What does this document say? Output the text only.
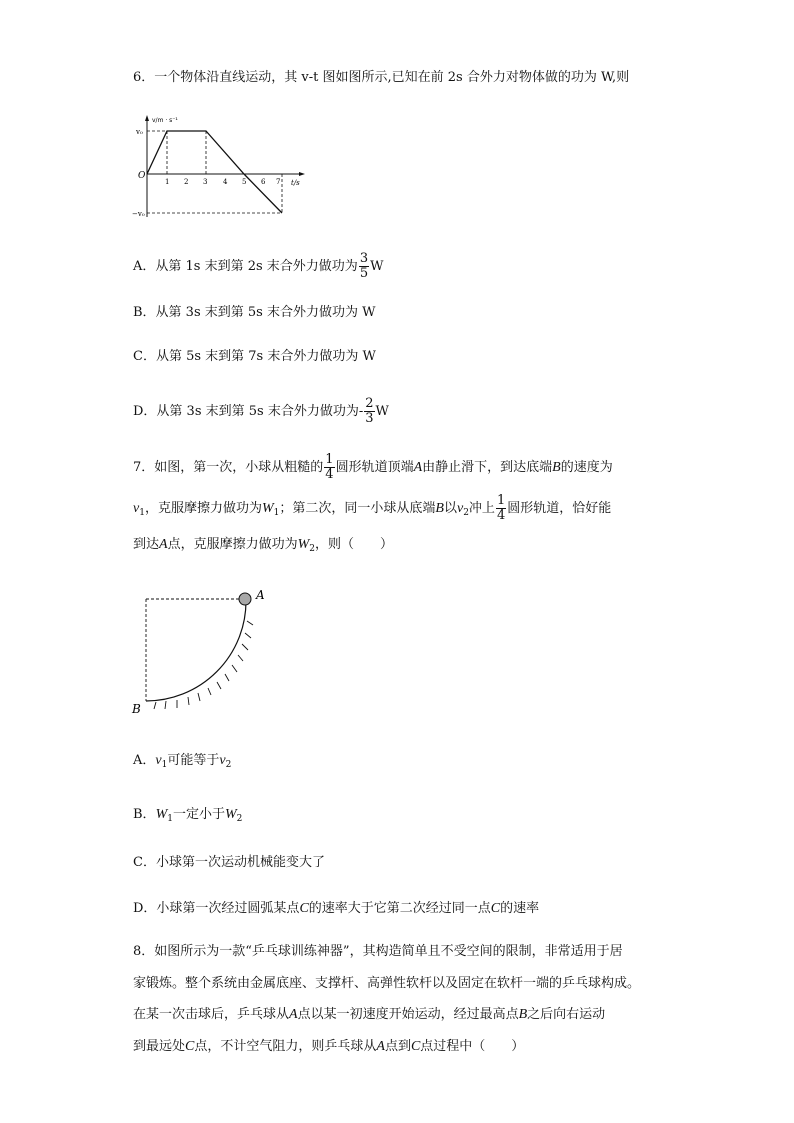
6．一个物体沿直线运动，其 v-t 图如图所示,已知在前 2s 合外力对物体做的功为 W,则
v/m · s⁻¹
v₀
O
−v₀
t/s
1 2 3 4 5 6 7
A．从第 1s 末到第 2s 末合外力做功为 $\frac{3}{5}$ W
B．从第 3s 末到第 5s 末合外力做功为 W
C．从第 5s 末到第 7s 末合外力做功为 W
D．从第 3s 末到第 5s 末合外力做功为- $\frac{2}{3}$ W
7．如图，第一次，小球从粗糙的 $\frac{1}{4}$ 圆形轨道顶端A由静止滑下，到达底端B的速度为
$v_1$，克服摩擦力做功为$W_1$；第二次，同一小球从底端B以$v_2$冲上 $\frac{1}{4}$ 圆形轨道，恰好能
到达A点，克服摩擦力做功为$W_2$，则（　　）
A
B
A．$v_1$可能等于$v_2$
B．$W_1$一定小于$W_2$
C．小球第一次运动机械能变大了
D．小球第一次经过圆弧某点C的速率大于它第二次经过同一点C的速率
8．如图所示为一款“乒乓球训练神器”，其构造简单且不受空间的限制，非常适用于居
家锻炼。整个系统由金属底座、支撑杆、高弹性软杆以及固定在软杆一端的乒乓球构成。
在某一次击球后，乒乓球从A点以某一初速度开始运动，经过最高点B之后向右运动
到最远处C点，不计空气阻力，则乒乓球从A点到C点过程中（　　）
